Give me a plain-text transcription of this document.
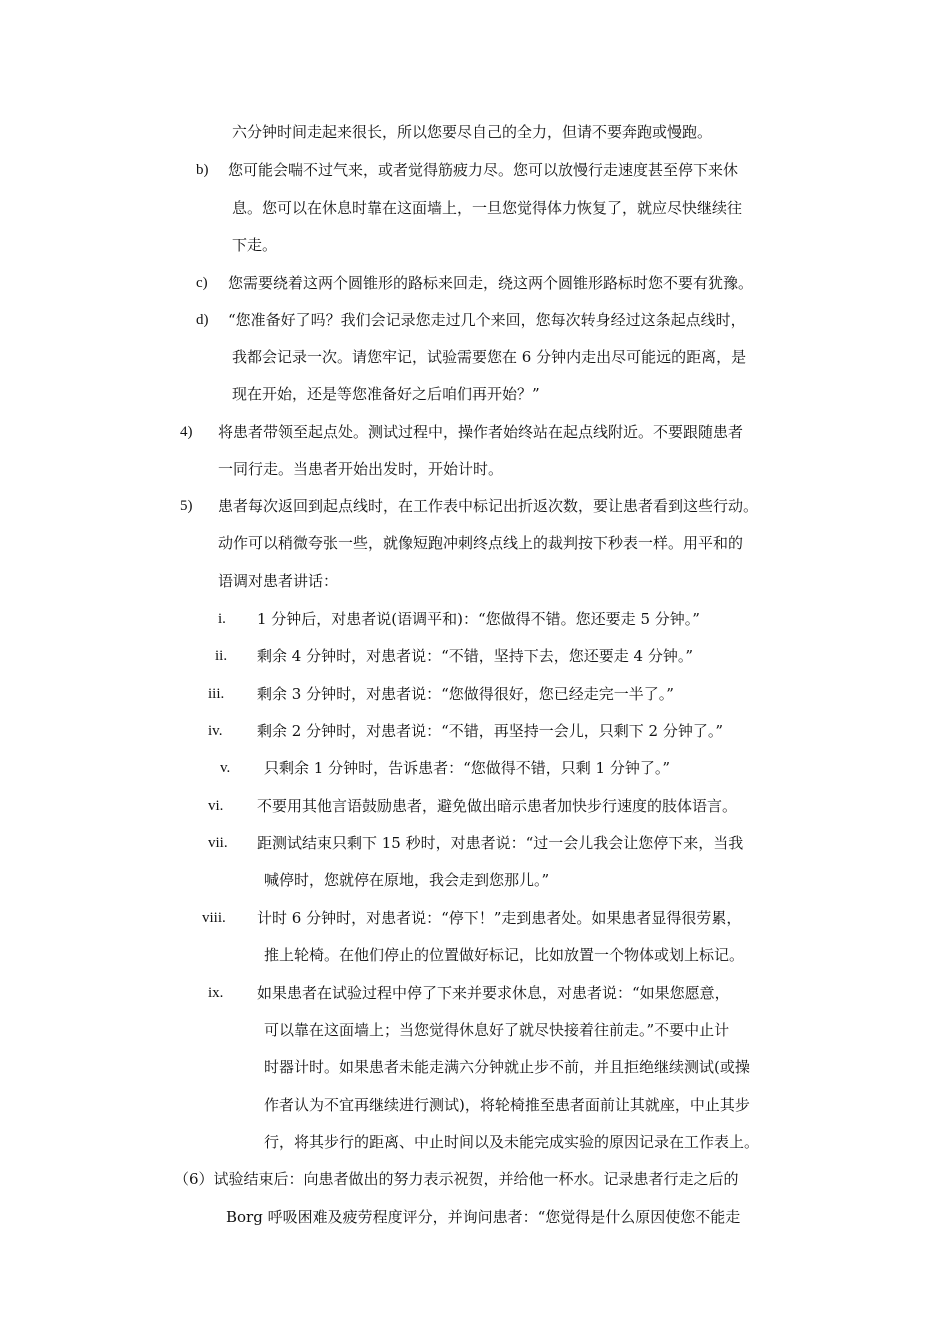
六分钟时间走起来很长，所以您要尽自己的全力，但请不要奔跑或慢跑。
b) 您可能会喘不过气来，或者觉得筋疲力尽。您可以放慢行走速度甚至停下来休
息。您可以在休息时靠在这面墙上，一旦您觉得体力恢复了，就应尽快继续往
下走。
c) 您需要绕着这两个圆锥形的路标来回走，绕这两个圆锥形路标时您不要有犹豫。
d) “您准备好了吗？我们会记录您走过几个来回，您每次转身经过这条起点线时，
我都会记录一次。请您牢记，试验需要您在 6 分钟内走出尽可能远的距离，是
现在开始，还是等您准备好之后咱们再开始？”
4) 将患者带领至起点处。测试过程中，操作者始终站在起点线附近。不要跟随患者
一同行走。当患者开始出发时，开始计时。
5) 患者每次返回到起点线时，在工作表中标记出折返次数，要让患者看到这些行动。
动作可以稍微夸张一些，就像短跑冲刺终点线上的裁判按下秒表一样。用平和的
语调对患者讲话：
i. 1 分钟后，对患者说(语调平和)：“您做得不错。您还要走 5 分钟。”
ii. 剩余 4 分钟时，对患者说：“不错，坚持下去，您还要走 4 分钟。”
iii. 剩余 3 分钟时，对患者说：“您做得很好，您已经走完一半了。”
iv. 剩余 2 分钟时，对患者说：“不错，再坚持一会儿，只剩下 2 分钟了。”
v. 只剩余 1 分钟时，告诉患者：“您做得不错，只剩 1 分钟了。”
vi. 不要用其他言语鼓励患者，避免做出暗示患者加快步行速度的肢体语言。
vii. 距测试结束只剩下 15 秒时，对患者说：“过一会儿我会让您停下来，当我
喊停时，您就停在原地，我会走到您那儿。”
viii. 计时 6 分钟时，对患者说：“停下！”走到患者处。如果患者显得很劳累，
推上轮椅。在他们停止的位置做好标记，比如放置一个物体或划上标记。
ix. 如果患者在试验过程中停了下来并要求休息，对患者说：“如果您愿意，
可以靠在这面墙上；当您觉得休息好了就尽快接着往前走。”不要中止计
时器计时。如果患者未能走满六分钟就止步不前，并且拒绝继续测试(或操
作者认为不宜再继续进行测试)，将轮椅推至患者面前让其就座，中止其步
行，将其步行的距离、中止时间以及未能完成实验的原因记录在工作表上。
（6）试验结束后：向患者做出的努力表示祝贺，并给他一杯水。记录患者行走之后的
Borg 呼吸困难及疲劳程度评分，并询问患者：“您觉得是什么原因使您不能走
